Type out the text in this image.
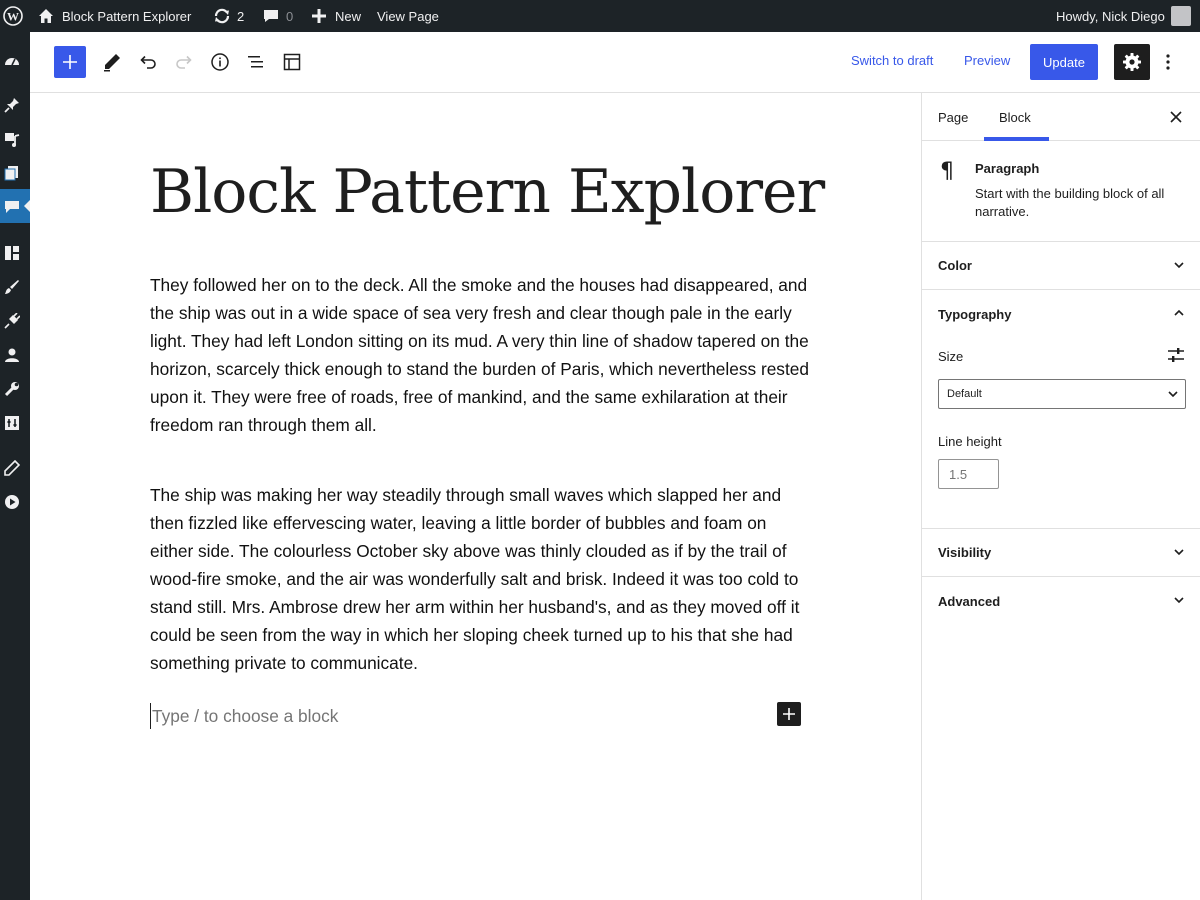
W	Block Pattern Explorer	2	0	New View Page	Howdy, Nick Diego
Switch to draft Preview	Update
Block Pattern Explorer

They followed her on to the deck. All the smoke and the houses had disappeared, and the ship was out in a wide space of sea very fresh and clear though pale in the early light. They had left London sitting on its mud. A very thin line of shadow tapered on the horizon, scarcely thick enough to stand the burden of Paris, which nevertheless rested upon it. They were free of roads, free of mankind, and the same exhilaration at their freedom ran through them all.

The ship was making her way steadily through small waves which slapped her and then fizzled like effervescing water, leaving a little border of bubbles and foam on either side. The colourless October sky above was thinly clouded as if by the trail of wood-fire smoke, and the air was wonderfully salt and brisk. Indeed it was too cold to stand still. Mrs. Ambrose drew her arm within her husband's, and as they moved off it could be seen from the way in which her sloping cheek turned up to his that she had something private to communicate.

Type / to choose a block
Page Block
¶ Paragraph
Start with the building block of all narrative.
Color
Typography
Size
Default
Line height
1.5
Visibility
Advanced
